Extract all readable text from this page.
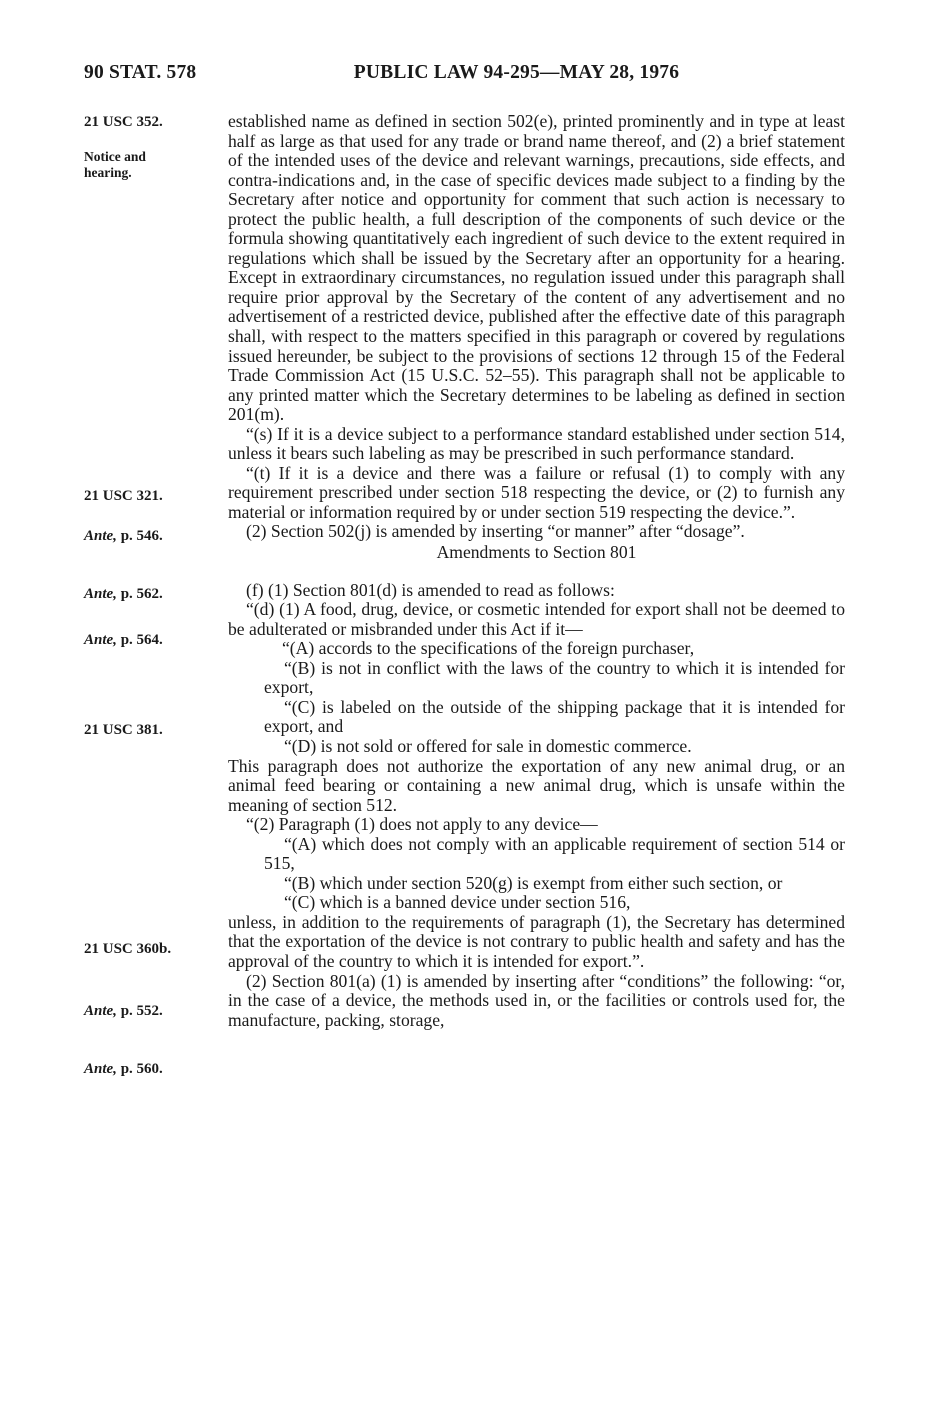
90 STAT. 578	PUBLIC LAW 94-295—MAY 28, 1976
21 USC 352.
Notice and
hearing.
21 USC 321.
Ante, p. 546.
Ante, p. 562.
Ante, p. 564.
21 USC 381.
21 USC 360b.
Ante, p. 552.
Ante, p. 560.

established name as defined in section 502(e), printed prominently and in type at least half as large as that used for any trade or brand name thereof, and (2) a brief statement of the intended uses of the device and relevant warnings, precautions, side effects, and contra-indications and, in the case of specific devices made subject to a finding by the Secretary after notice and opportunity for comment that such action is necessary to protect the public health, a full description of the components of such device or the formula showing quantitatively each ingredient of such device to the extent required in regulations which shall be issued by the Secretary after an opportunity for a hearing. Except in extraordinary circumstances, no regulation issued under this paragraph shall require prior approval by the Secretary of the content of any advertisement and no advertisement of a restricted device, published after the effective date of this paragraph shall, with respect to the matters specified in this paragraph or covered by regulations issued hereunder, be subject to the provisions of sections 12 through 15 of the Federal Trade Commission Act (15 U.S.C. 52–55). This paragraph shall not be applicable to any printed matter which the Secretary determines to be labeling as defined in section 201(m).

“(s) If it is a device subject to a performance standard established under section 514, unless it bears such labeling as may be prescribed in such performance standard.

“(t) If it is a device and there was a failure or refusal (1) to comply with any requirement prescribed under section 518 respecting the device, or (2) to furnish any material or information required by or under section 519 respecting the device.”.

(2) Section 502(j) is amended by inserting “or manner” after “dosage”.

Amendments to Section 801

(f) (1) Section 801(d) is amended to read as follows:

“(d) (1) A food, drug, device, or cosmetic intended for export shall not be deemed to be adulterated or misbranded under this Act if it—

“(A) accords to the specifications of the foreign purchaser,

“(B) is not in conflict with the laws of the country to which it is intended for export,

“(C) is labeled on the outside of the shipping package that it is intended for export, and

“(D) is not sold or offered for sale in domestic commerce.

This paragraph does not authorize the exportation of any new animal drug, or an animal feed bearing or containing a new animal drug, which is unsafe within the meaning of section 512.

“(2) Paragraph (1) does not apply to any device—

“(A) which does not comply with an applicable requirement of section 514 or 515,

“(B) which under section 520(g) is exempt from either such section, or

“(C) which is a banned device under section 516,

unless, in addition to the requirements of paragraph (1), the Secretary has determined that the exportation of the device is not contrary to public health and safety and has the approval of the country to which it is intended for export.”.

(2) Section 801(a) (1) is amended by inserting after “conditions” the following: “or, in the case of a device, the methods used in, or the facilities or controls used for, the manufacture, packing, storage,
